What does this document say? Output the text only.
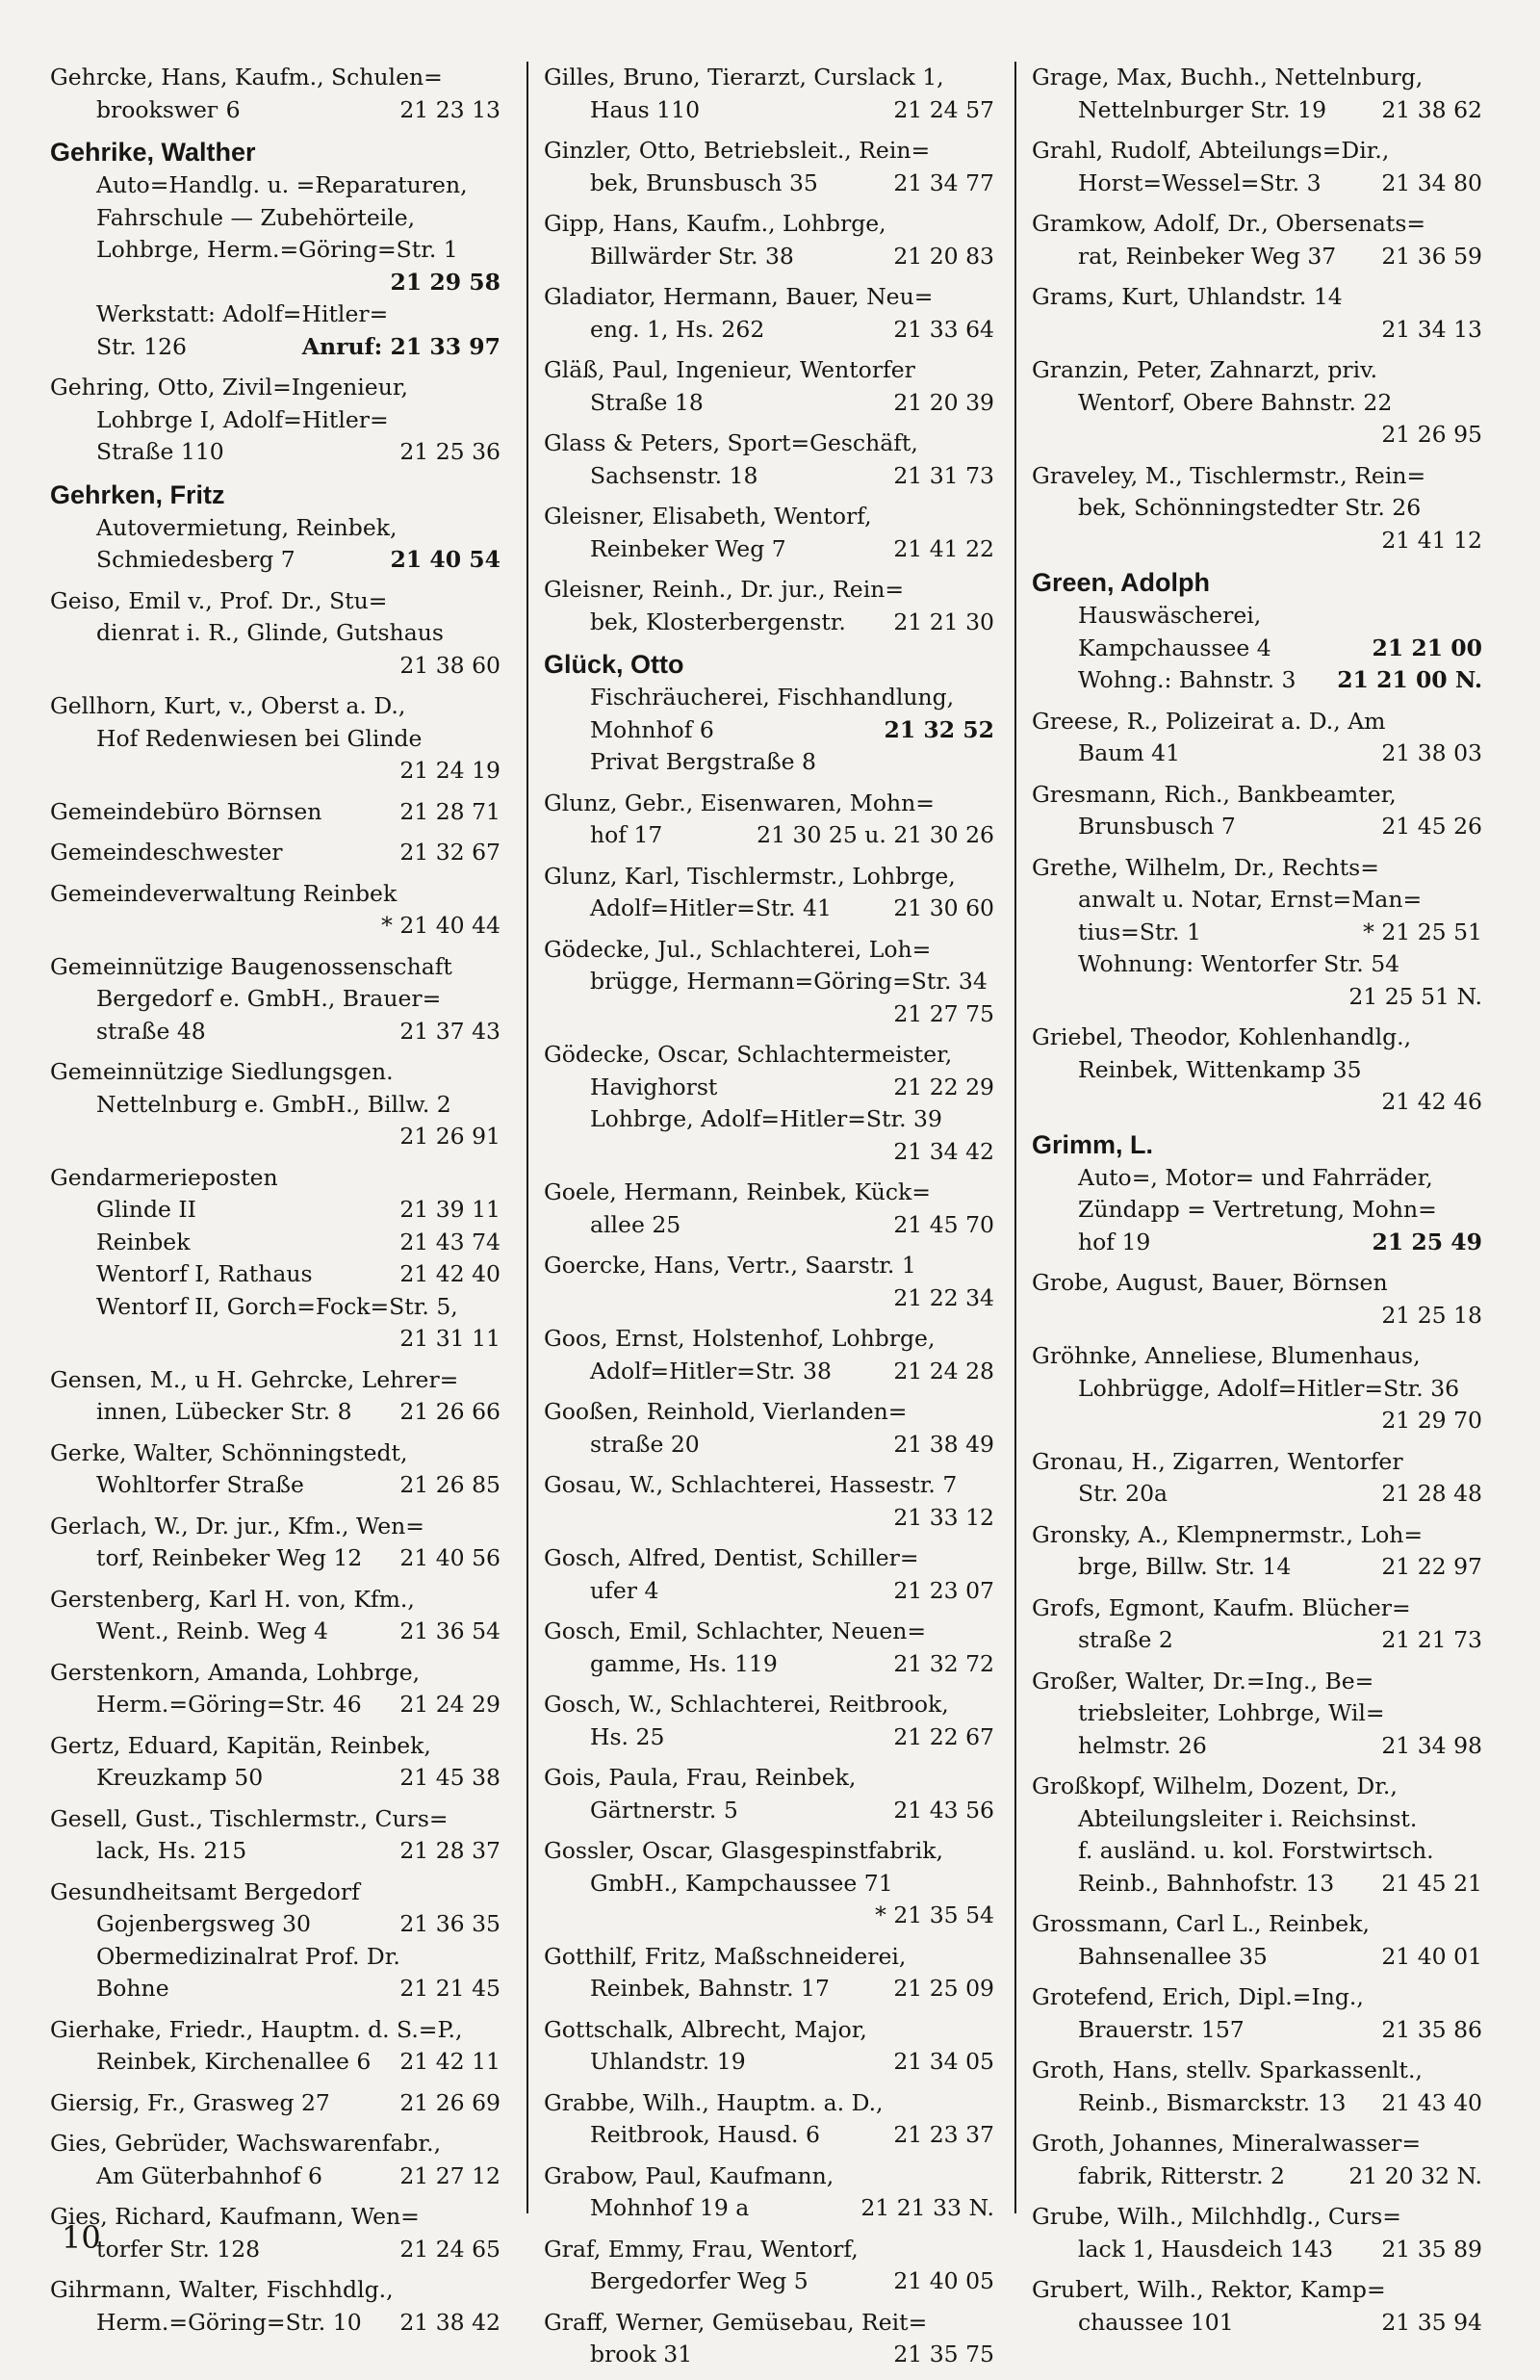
Gehrcke, Hans, Kaufm., Schulen=
21 23 13
brookswег 6
Gehrike, Walther
Auto=Handlg. u. =Reparaturen,
Fahrschule — Zubehörteile,
Lohbrge, Herm.=Göring=Str. 1
21 29 58
Werkstatt: Adolf=Hitler=
Anruf: 21 33 97
Str. 126
Gehring, Otto, Zivil=Ingenieur,
Lohbrge I, Adolf=Hitler=
21 25 36
Straße 110
Gehrken, Fritz
Autovermietung, Reinbek,
21 40 54
Schmiedesberg 7
Geiso, Emil v., Prof. Dr., Stu=
dienrat i. R., Glinde, Gutshaus
21 38 60
Gellhorn, Kurt, v., Oberst a. D.,
Hof Redenwiesen bei Glinde
21 24 19
21 28 71
Gemeindebüro Börnsen
21 32 67
Gemeindeschwester
Gemeindeverwaltung Reinbek
* 21 40 44
Gemeinnützige Baugenossenschaft
Bergedorf e. GmbH., Brauer=
21 37 43
straße 48
Gemeinnützige Siedlungsgen.
Nettelnburg e. GmbH., Billw. 2
21 26 91
Gendarmerieposten
21 39 11
Glinde II
21 43 74
Reinbek
21 42 40
Wentorf I, Rathaus
Wentorf II, Gorch=Fock=Str. 5,
21 31 11
Gensen, M., u H. Gehrcke, Lehrer=
21 26 66
innen, Lübecker Str. 8
Gerke, Walter, Schönningstedt,
21 26 85
Wohltorfer Straße
Gerlach, W., Dr. jur., Kfm., Wen=
21 40 56
torf, Reinbeker Weg 12
Gerstenberg, Karl H. von, Kfm.,
21 36 54
Went., Reinb. Weg 4
Gerstenkorn, Amanda, Lohbrge,
21 24 29
Herm.=Göring=Str. 46
Gertz, Eduard, Kapitän, Reinbek,
21 45 38
Kreuzkamp 50
Gesell, Gust., Tischlermstr., Curs=
21 28 37
lack, Hs. 215
Gesundheitsamt Bergedorf
21 36 35
Gojenbergsweg 30
Obermedizinalrat Prof. Dr.
21 21 45
Bohne
Gierhake, Friedr., Hauptm. d. S.=P.,
21 42 11
Reinbek, Kirchenallee 6
21 26 69
Giersig, Fr., Grasweg 27
Gies, Gebrüder, Wachswarenfabr.,
21 27 12
Am Güterbahnhof 6
Gies, Richard, Kaufmann, Wen=
21 24 65
torfer Str. 128
Gihrmann, Walter, Fischhdlg.,
21 38 42
Herm.=Göring=Str. 10
Gilles, Bruno, Tierarzt, Curslack 1,
21 24 57
Haus 110
Ginzler, Otto, Betriebsleit., Rein=
21 34 77
bek, Brunsbusch 35
Gipp, Hans, Kaufm., Lohbrge,
21 20 83
Billwärder Str. 38
Gladiator, Hermann, Bauer, Neu=
21 33 64
eng. 1, Hs. 262
Gläß, Paul, Ingenieur, Wentorfer
21 20 39
Straße 18
Glass & Peters, Sport=Geschäft,
21 31 73
Sachsenstr. 18
Gleisner, Elisabeth, Wentorf,
21 41 22
Reinbeker Weg 7
Gleisner, Reinh., Dr. jur., Rein=
21 21 30
bek, Klosterbergenstr.
Glück, Otto
Fischräucherei, Fischhandlung,
21 32 52
Mohnhof 6
Privat Bergstraße 8
Glunz, Gebr., Eisenwaren, Mohn=
21 30 25 u. 21 30 26
hof 17
Glunz, Karl, Tischlermstr., Lohbrge,
21 30 60
Adolf=Hitler=Str. 41
Gödecke, Jul., Schlachterei, Loh=
brügge, Hermann=Göring=Str. 34
21 27 75
Gödecke, Oscar, Schlachtermeister,
21 22 29
Havighorst
Lohbrge, Adolf=Hitler=Str. 39
21 34 42
Goele, Hermann, Reinbek, Kück=
21 45 70
allee 25
Goercke, Hans, Vertr., Saarstr. 1
21 22 34
Goos, Ernst, Holstenhof, Lohbrge,
21 24 28
Adolf=Hitler=Str. 38
Gooßen, Reinhold, Vierlanden=
21 38 49
straße 20
Gosau, W., Schlachterei, Hassestr. 7
21 33 12
Gosch, Alfred, Dentist, Schiller=
21 23 07
ufer 4
Gosch, Emil, Schlachter, Neuen=
21 32 72
gamme, Hs. 119
Gosch, W., Schlachterei, Reitbrook,
21 22 67
Hs. 25
Gois, Paula, Frau, Reinbek,
21 43 56
Gärtnerstr. 5
Gossler, Oscar, Glasgespinstfabrik,
GmbH., Kampchaussee 71
* 21 35 54
Gotthilf, Fritz, Maßschneiderei,
21 25 09
Reinbek, Bahnstr. 17
Gottschalk, Albrecht, Major,
21 34 05
Uhlandstr. 19
Grabbe, Wilh., Hauptm. a. D.,
21 23 37
Reitbrook, Hausd. 6
Grabow, Paul, Kaufmann,
21 21 33 N.
Mohnhof 19 a
Graf, Emmy, Frau, Wentorf,
21 40 05
Bergedorfer Weg 5
Graff, Werner, Gemüsebau, Reit=
21 35 75
brook 31
Grage, Max, Buchh., Nettelnburg,
21 38 62
Nettelnburger Str. 19
Grahl, Rudolf, Abteilungs=Dir.,
21 34 80
Horst=Wessel=Str. 3
Gramkow, Adolf, Dr., Obersenats=
21 36 59
rat, Reinbeker Weg 37
Grams, Kurt, Uhlandstr. 14
21 34 13
Granzin, Peter, Zahnarzt, priv.
Wentorf, Obere Bahnstr. 22
21 26 95
Graveley, M., Tischlermstr., Rein=
bek, Schönningstedter Str. 26
21 41 12
Green, Adolph
Hauswäscherei,
21 21 00
Kampchaussee 4
21 21 00 N.
Wohng.: Bahnstr. 3
Greese, R., Polizeirat a. D., Am
21 38 03
Baum 41
Gresmann, Rich., Bankbeamter,
21 45 26
Brunsbusch 7
Grethe, Wilhelm, Dr., Rechts=
anwalt u. Notar, Ernst=Man=
* 21 25 51
tius=Str. 1
Wohnung: Wentorfer Str. 54
21 25 51 N.
Griebel, Theodor, Kohlenhandlg.,
Reinbek, Wittenkamp 35
21 42 46
Grimm, L.
Auto=, Motor= und Fahrräder,
Zündapp = Vertretung, Mohn=
21 25 49
hof 19
Grobe, August, Bauer, Börnsen
21 25 18
Gröhnke, Anneliese, Blumenhaus,
Lohbrügge, Adolf=Hitler=Str. 36
21 29 70
Gronau, H., Zigarren, Wentorfer
21 28 48
Str. 20a
Gronsky, A., Klempnermstr., Loh=
21 22 97
brge, Billw. Str. 14
Grofs, Egmont, Kaufm. Blücher=
21 21 73
straße 2
Großer, Walter, Dr.=Ing., Be=
triebsleiter, Lohbrge, Wil=
21 34 98
helmstr. 26
Großkopf, Wilhelm, Dozent, Dr.,
Abteilungsleiter i. Reichsinst.
f. ausländ. u. kol. Forstwirtsch.
21 45 21
Reinb., Bahnhofstr. 13
Grossmann, Carl L., Reinbek,
21 40 01
Bahnsenallee 35
Grotefend, Erich, Dipl.=Ing.,
21 35 86
Brauerstr. 157
Groth, Hans, stellv. Sparkassenlt.,
21 43 40
Reinb., Bismarckstr. 13
Groth, Johannes, Mineralwasser=
21 20 32 N.
fabrik, Ritterstr. 2
Grube, Wilh., Milchhdlg., Curs=
21 35 89
lack 1, Hausdeich 143
Grubert, Wilh., Rektor, Kamp=
21 35 94
chaussee 101
10
